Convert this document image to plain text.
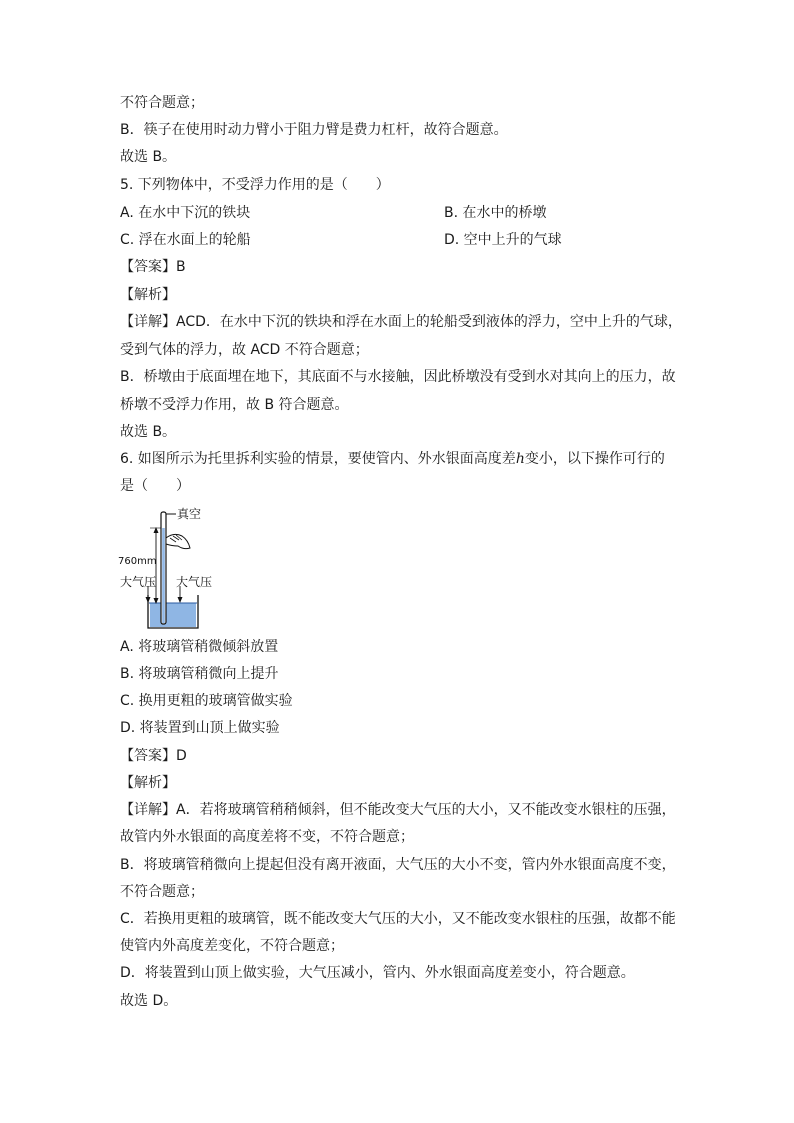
不符合题意；
B．筷子在使用时动力臂小于阻力臂是费力杠杆，故符合题意。
故选 B。
5. 下列物体中，不受浮力作用的是（　　）
A. 在水中下沉的铁块	B. 在水中的桥墩
C. 浮在水面上的轮船	D. 空中上升的气球
【答案】B
【解析】
【详解】ACD．在水中下沉的铁块和浮在水面上的轮船受到液体的浮力，空中上升的气球，
受到气体的浮力，故 ACD 不符合题意；
B．桥墩由于底面埋在地下，其底面不与水接触，因此桥墩没有受到水对其向上的压力，故
桥墩不受浮力作用，故 B 符合题意。
故选 B。
6. 如图所示为托里拆利实验的情景，要使管内、外水银面高度差h变小，以下操作可行的
是（　　）
真空
760mm
大气压 大气压
A. 将玻璃管稍微倾斜放置
B. 将玻璃管稍微向上提升
C. 换用更粗的玻璃管做实验
D. 将装置到山顶上做实验
【答案】D
【解析】
【详解】A．若将玻璃管稍稍倾斜，但不能改变大气压的大小，又不能改变水银柱的压强，
故管内外水银面的高度差将不变，不符合题意；
B．将玻璃管稍微向上提起但没有离开液面，大气压的大小不变，管内外水银面高度不变，
不符合题意；
C．若换用更粗的玻璃管，既不能改变大气压的大小，又不能改变水银柱的压强，故都不能
使管内外高度差变化，不符合题意；
D．将装置到山顶上做实验，大气压减小，管内、外水银面高度差变小，符合题意。
故选 D。
